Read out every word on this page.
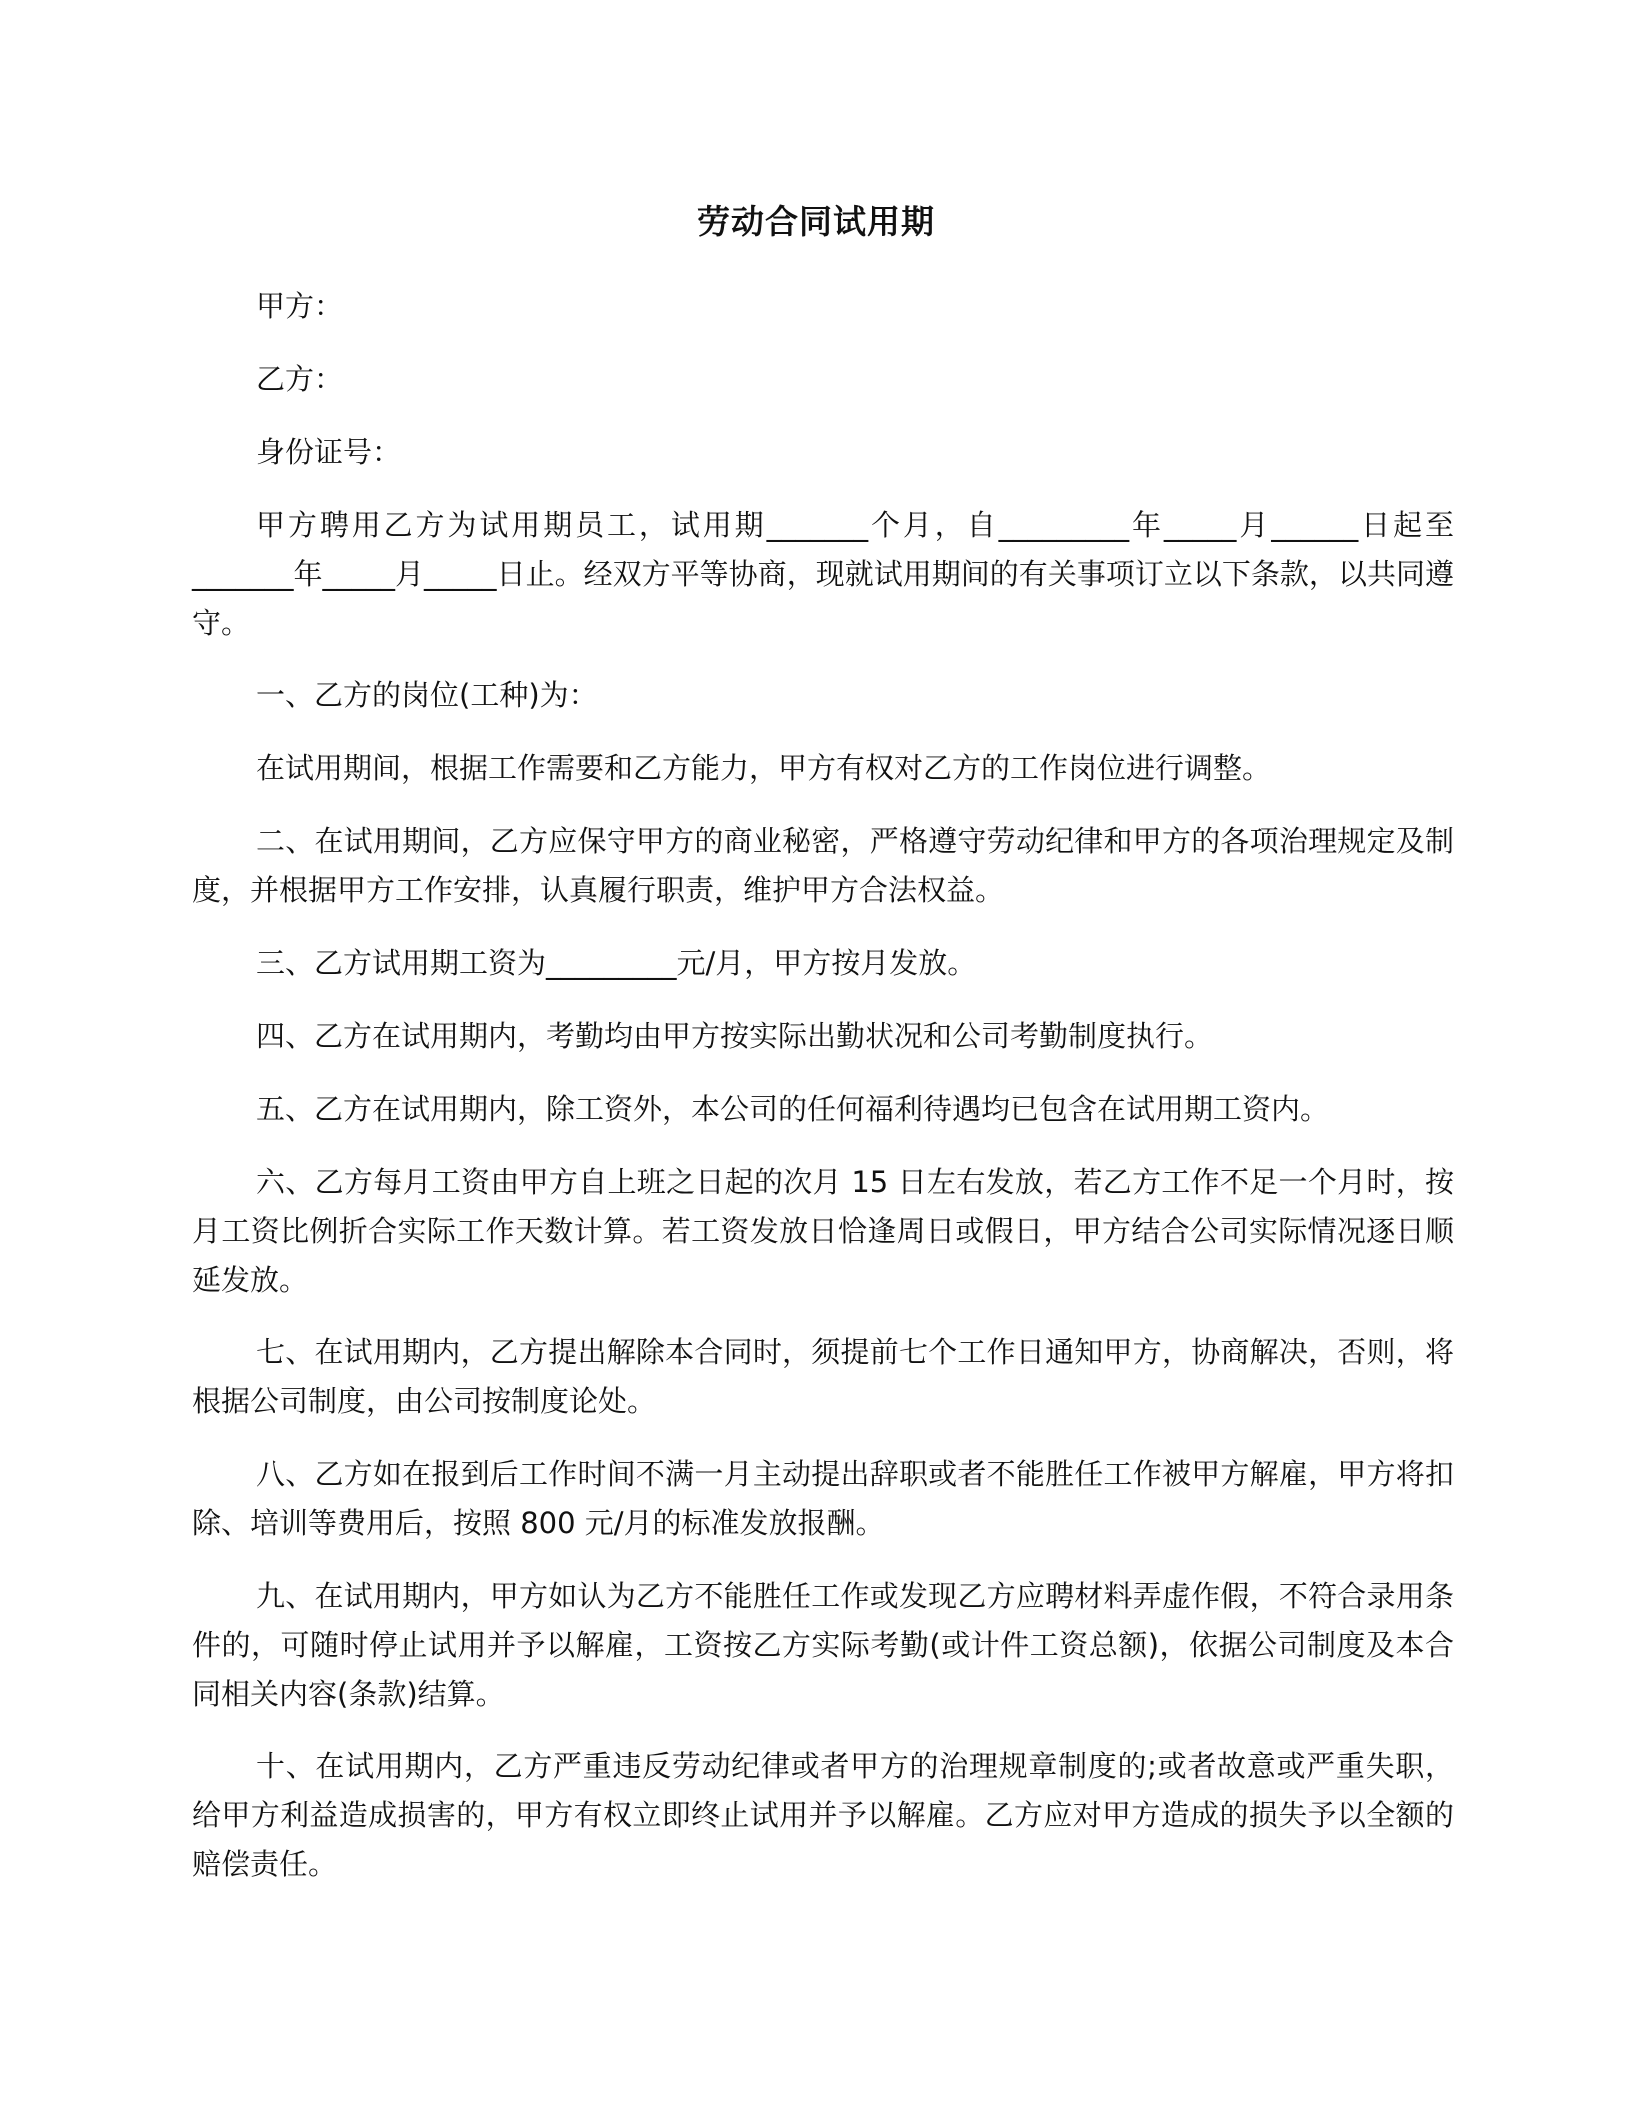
劳动合同试用期

甲方：

乙方：

身份证号：

甲方聘用乙方为试用期员工，试用期_______个月，自_________年_____月______日起至_______年_____月_____日止。经双方平等协商，现就试用期间的有关事项订立以下条款，以共同遵守。

一、乙方的岗位(工种)为：

在试用期间，根据工作需要和乙方能力，甲方有权对乙方的工作岗位进行调整。

二、在试用期间，乙方应保守甲方的商业秘密，严格遵守劳动纪律和甲方的各项治理规定及制度，并根据甲方工作安排，认真履行职责，维护甲方合法权益。

三、乙方试用期工资为_________元/月，甲方按月发放。

四、乙方在试用期内，考勤均由甲方按实际出勤状况和公司考勤制度执行。

五、乙方在试用期内，除工资外，本公司的任何福利待遇均已包含在试用期工资内。

六、乙方每月工资由甲方自上班之日起的次月 15 日左右发放，若乙方工作不足一个月时，按月工资比例折合实际工作天数计算。若工资发放日恰逢周日或假日，甲方结合公司实际情况逐日顺延发放。

七、在试用期内，乙方提出解除本合同时，须提前七个工作日通知甲方，协商解决，否则，将根据公司制度，由公司按制度论处。

八、乙方如在报到后工作时间不满一月主动提出辞职或者不能胜任工作被甲方解雇，甲方将扣除、培训等费用后，按照 800 元/月的标准发放报酬。

九、在试用期内，甲方如认为乙方不能胜任工作或发现乙方应聘材料弄虚作假，不符合录用条件的，可随时停止试用并予以解雇，工资按乙方实际考勤(或计件工资总额)，依据公司制度及本合同相关内容(条款)结算。

十、在试用期内，乙方严重违反劳动纪律或者甲方的治理规章制度的;或者故意或严重失职，给甲方利益造成损害的，甲方有权立即终止试用并予以解雇。乙方应对甲方造成的损失予以全额的赔偿责任。
